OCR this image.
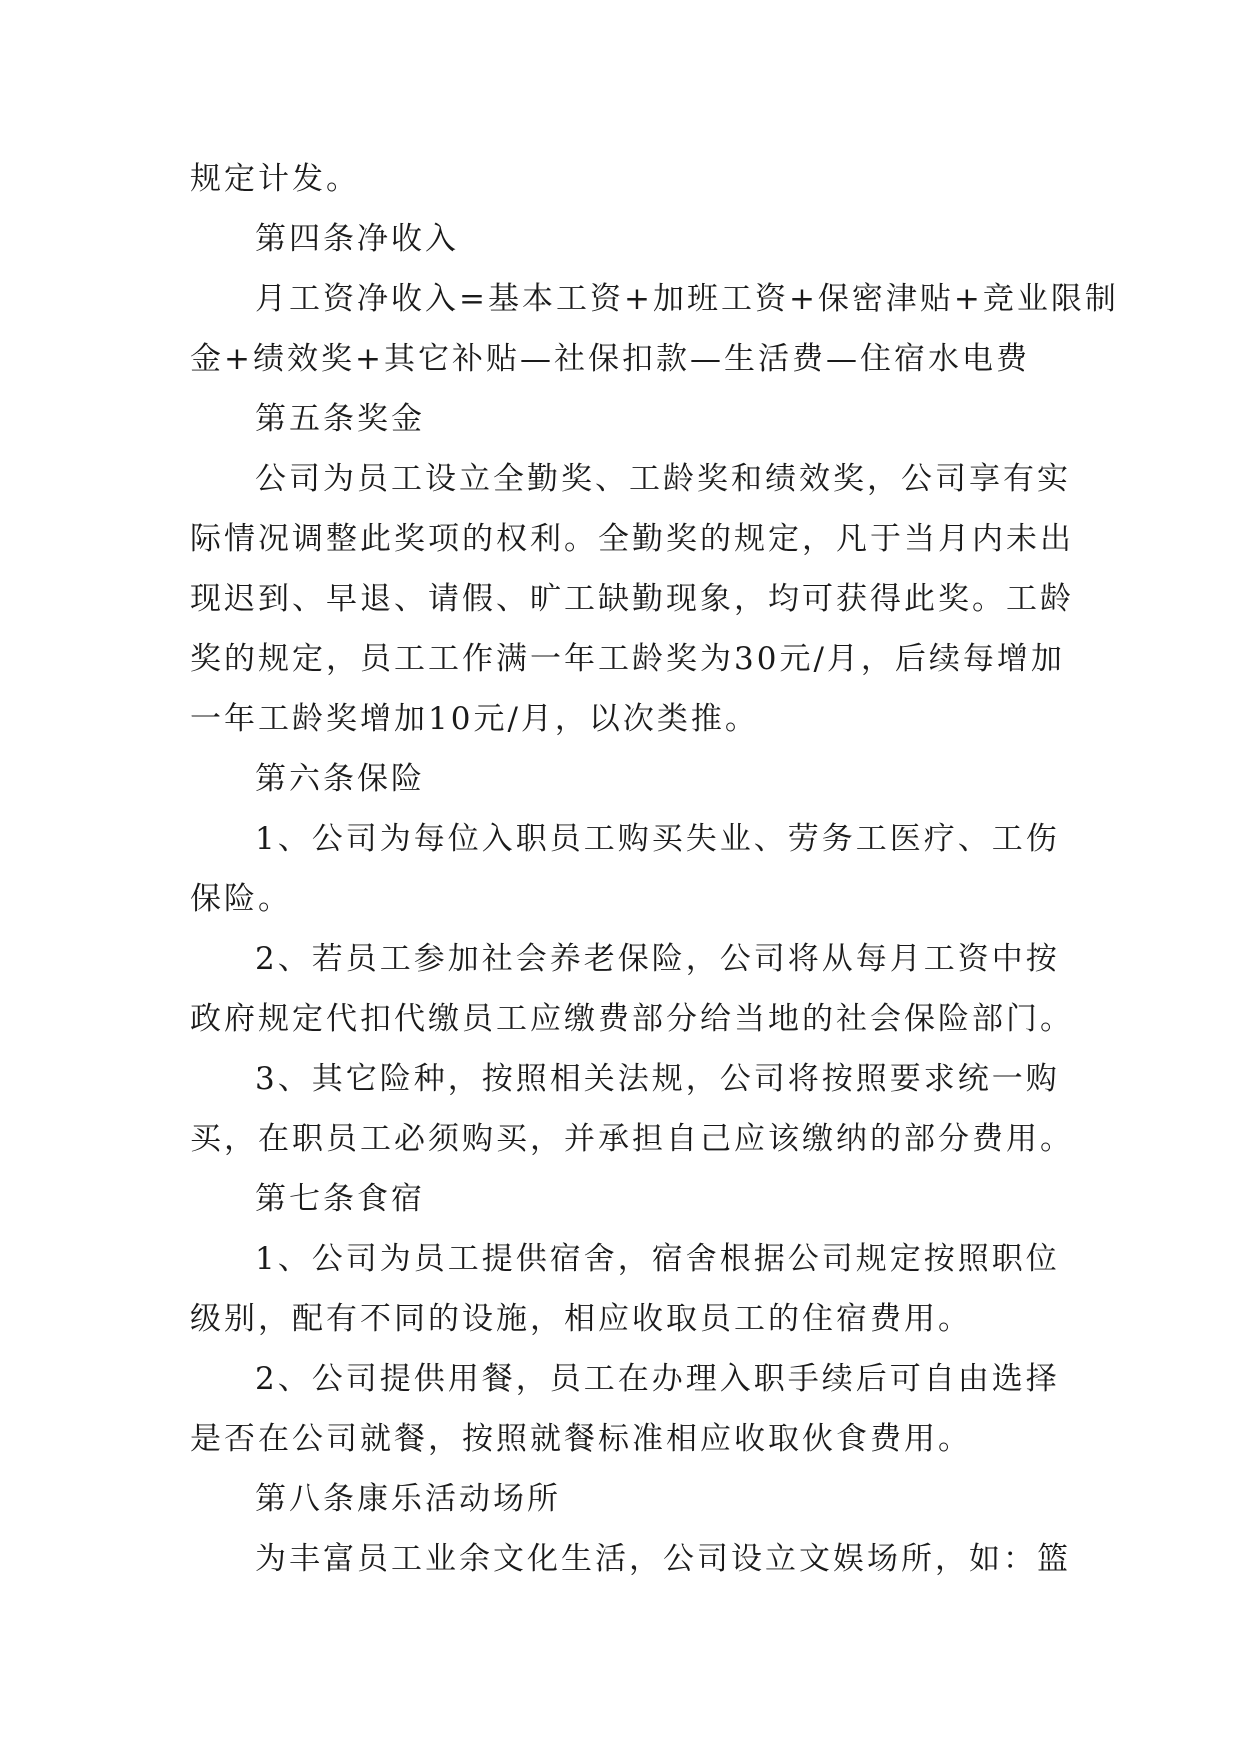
规定计发。
第四条净收入
月工资净收入=基本工资+加班工资+保密津贴+竞业限制
金+绩效奖+其它补贴—社保扣款—生活费—住宿水电费
第五条奖金
公司为员工设立全勤奖、工龄奖和绩效奖，公司享有实
际情况调整此奖项的权利。全勤奖的规定，凡于当月内未出
现迟到、早退、请假、旷工缺勤现象，均可获得此奖。工龄
奖的规定，员工工作满一年工龄奖为30元/月，后续每增加
一年工龄奖增加10元/月，以次类推。
第六条保险
1、公司为每位入职员工购买失业、劳务工医疗、工伤
保险。
2、若员工参加社会养老保险，公司将从每月工资中按
政府规定代扣代缴员工应缴费部分给当地的社会保险部门。
3、其它险种，按照相关法规，公司将按照要求统一购
买，在职员工必须购买，并承担自己应该缴纳的部分费用。
第七条食宿
1、公司为员工提供宿舍，宿舍根据公司规定按照职位
级别，配有不同的设施，相应收取员工的住宿费用。
2、公司提供用餐，员工在办理入职手续后可自由选择
是否在公司就餐，按照就餐标准相应收取伙食费用。
第八条康乐活动场所
为丰富员工业余文化生活，公司设立文娱场所，如：篮
